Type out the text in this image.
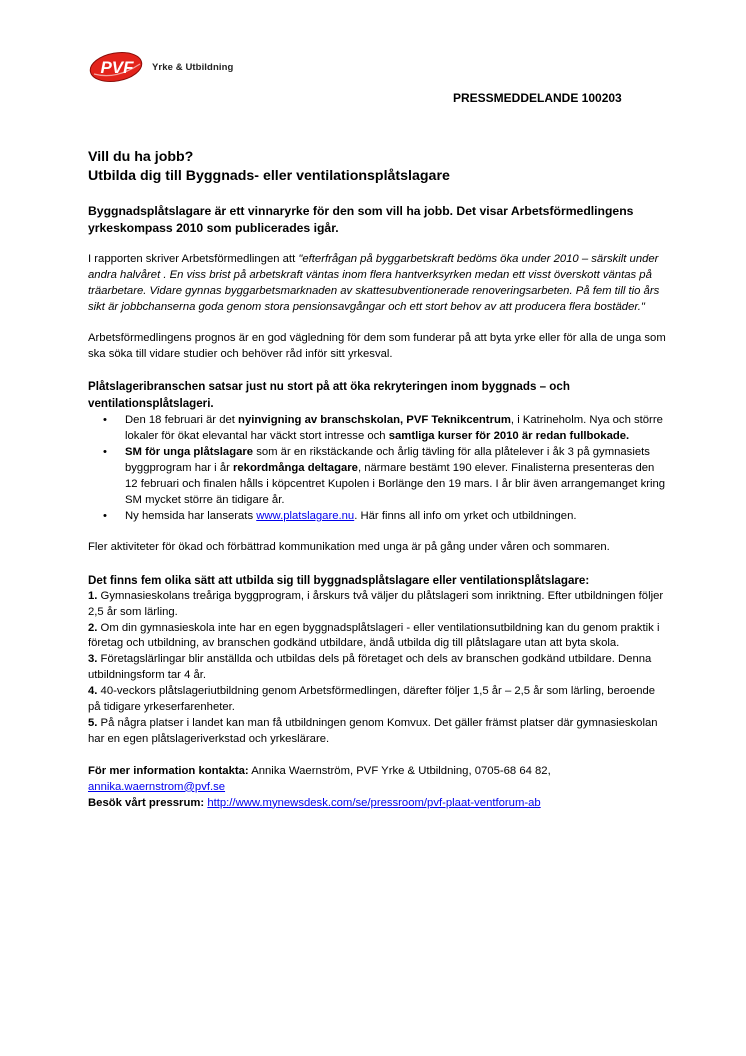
PVF Yrke & Utbildning
PRESSMEDDELANDE 100203
Vill du ha jobb?
Utbilda dig till Byggnads- eller ventilationsplåtslagare

Byggnadsplåtslagare är ett vinnaryrke för den som vill ha jobb. Det visar Arbetsförmedlingens yrkeskompass 2010 som publicerades igår.

I rapporten skriver Arbetsförmedlingen att "efterfrågan på byggarbetskraft bedöms öka under 2010 – särskilt under andra halvåret . En viss brist på arbetskraft väntas inom flera hantverksyrken medan ett visst överskott väntas på träarbetare. Vidare gynnas byggarbetsmarknaden av skattesubventionerade renoveringsarbeten. På fem till tio års sikt är jobbchanserna goda genom stora pensionsavgångar och ett stort behov av att producera flera bostäder."

Arbetsförmedlingens prognos är en god vägledning för dem som funderar på att byta yrke eller för alla de unga som ska söka till vidare studier och behöver råd inför sitt yrkesval.

Plåtslageribranschen satsar just nu stort på att öka rekryteringen inom byggnads – och ventilationsplåtslageri.

• Den 18 februari är det nyinvigning av branschskolan, PVF Teknikcentrum, i Katrineholm. Nya och större lokaler för ökat elevantal har väckt stort intresse och samtliga kurser för 2010 är redan fullbokade.
• SM för unga plåtslagare som är en rikstäckande och årlig tävling för alla plåtelever i åk 3 på gymnasiets byggprogram har i år rekordmånga deltagare, närmare bestämt 190 elever. Finalisterna presenteras den 12 februari och finalen hålls i köpcentret Kupolen i Borlänge den 19 mars. I år blir även arrangemanget kring SM mycket större än tidigare år.
• Ny hemsida har lanserats www.platslagare.nu. Här finns all info om yrket och utbildningen.

Fler aktiviteter för ökad och förbättrad kommunikation med unga är på gång under våren och sommaren.

Det finns fem olika sätt att utbilda sig till byggnadsplåtslagare eller ventilationsplåtslagare:

1. Gymnasieskolans treåriga byggprogram, i årskurs två väljer du plåtslageri som inriktning. Efter utbildningen följer 2,5 år som lärling.

2. Om din gymnasieskola inte har en egen byggnadsplåtslageri - eller ventilationsutbildning kan du genom praktik i företag och utbildning, av branschen godkänd utbildare, ändå utbilda dig till plåtslagare utan att byta skola.

3. Företagslärlingar blir anställda och utbildas dels på företaget och dels av branschen godkänd utbildare. Denna utbildningsform tar 4 år.

4. 40-veckors plåtslageriutbildning genom Arbetsförmedlingen, därefter följer 1,5 år – 2,5 år som lärling, beroende på tidigare yrkeserfarenheter.

5. På några platser i landet kan man få utbildningen genom Komvux. Det gäller främst platser där gymnasieskolan har en egen plåtslageriverkstad och yrkeslärare.

För mer information kontakta: Annika Waernström, PVF Yrke & Utbildning, 0705-68 64 82,
annika.waernstrom@pvf.se
Besök vårt pressrum: http://www.mynewsdesk.com/se/pressroom/pvf-plaat-ventforum-ab
